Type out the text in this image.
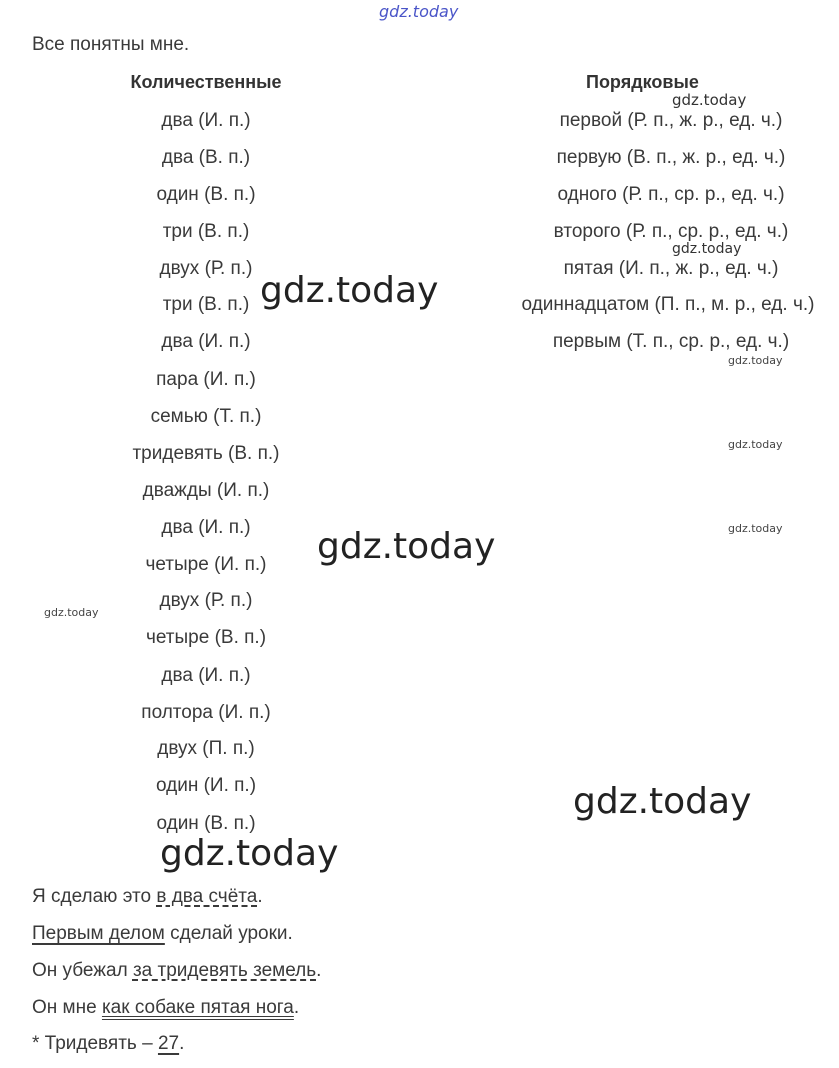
gdz.today
Все понятны мне.
Количественные	Порядковые
два (И. п.)
два (В. п.)
один (В. п.)
три (В. п.)
двух (Р. п.)
три (В. п.)
два (И. п.)
пара (И. п.)
семью (Т. п.)
тридевять (В. п.)
дважды (И. п.)
два (И. п.)
четыре (И. п.)
двух (Р. п.)
четыре (В. п.)
два (И. п.)
полтора (И. п.)
двух (П. п.)
один (И. п.)
один (В. п.)
первой (Р. п., ж. р., ед. ч.)
первую (В. п., ж. р., ед. ч.)
одного (Р. п., ср. р., ед. ч.)
второго (Р. п., ср. р., ед. ч.)
пятая (И. п., ж. р., ед. ч.)
одиннадцатом (П. п., м. р., ед. ч.)
первым (Т. п., ср. р., ед. ч.)
gdz.today
gdz.today
gdz.today
gdz.today
gdz.today
gdz.today
gdz.today
gdz.today
gdz.today
gdz.today
Я сделаю это в два счёта.
Первым делом сделай уроки.
Он убежал за тридевять земель.
Он мне как собаке пятая нога.
* Тридевять – 27.
